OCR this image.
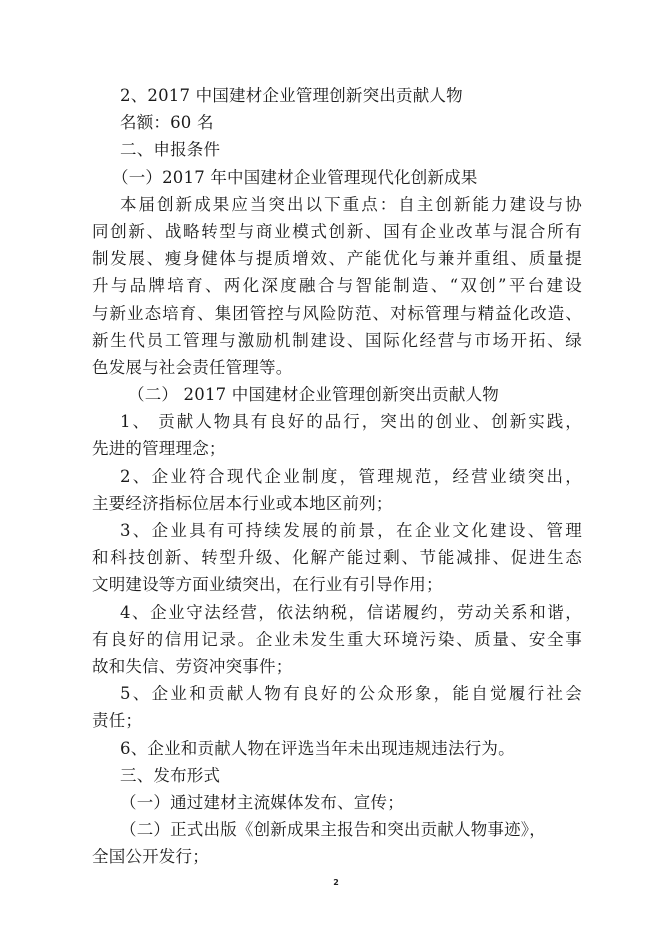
2、2017 中国建材企业管理创新突出贡献人物
名额：60 名
二、申报条件
（一）2017 年中国建材企业管理现代化创新成果
本届创新成果应当突出以下重点：自主创新能力建设与协
同创新、战略转型与商业模式创新、国有企业改革与混合所有
制发展、瘦身健体与提质增效、产能优化与兼并重组、质量提
升与品牌培育、两化深度融合与智能制造、“双创”平台建设
与新业态培育、集团管控与风险防范、对标管理与精益化改造、
新生代员工管理与激励机制建设、国际化经营与市场开拓、绿
色发展与社会责任管理等。
（二） 2017 中国建材企业管理创新突出贡献人物
1、 贡献人物具有良好的品行，突出的创业、创新实践，
先进的管理理念；
2、企业符合现代企业制度，管理规范，经营业绩突出，
主要经济指标位居本行业或本地区前列；
3、企业具有可持续发展的前景，在企业文化建设、管理
和科技创新、转型升级、化解产能过剩、节能减排、促进生态
文明建设等方面业绩突出，在行业有引导作用；
4、企业守法经营，依法纳税，信诺履约，劳动关系和谐，
有良好的信用记录。企业未发生重大环境污染、质量、安全事
故和失信、劳资冲突事件；
5、企业和贡献人物有良好的公众形象，能自觉履行社会
责任；
6、企业和贡献人物在评选当年未出现违规违法行为。
三、发布形式
（一）通过建材主流媒体发布、宣传；
（二）正式出版《创新成果主报告和突出贡献人物事迹》，
全国公开发行；
2
